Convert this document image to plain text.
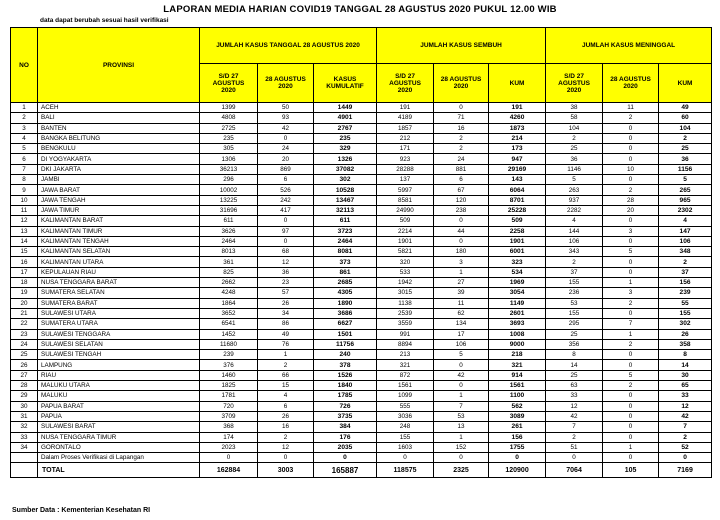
LAPORAN MEDIA HARIAN COVID19 TANGGAL 28 AGUSTUS 2020 PUKUL 12.00 WIB
data dapat berubah sesuai hasil verifikasi
NO	PROVINSI	JUMLAH KASUS TANGGAL 28 AGUSTUS 2020			JUMLAH KASUS SEMBUH			JUMLAH KASUS MENINGGAL		

		S/D 27 AGUSTUS 2020	28 AGUSTUS 2020	KASUS KUMULATIF	S/D 27 AGUSTUS 2020	28 AGUSTUS 2020	KUM	S/D 27 AGUSTUS 2020	28 AGUSTUS 2020	KUM
1	ACEH	1399	50	1449	191	0	191	38	11	49
2	BALI	4808	93	4901	4189	71	4260	58	2	60
3	BANTEN	2725	42	2767	1857	16	1873	104	0	104
4	BANGKA BELITUNG	235	0	235	212	2	214	2	0	2
5	BENGKULU	305	24	329	171	2	173	25	0	25
6	DI YOGYAKARTA	1306	20	1326	923	24	947	36	0	36
7	DKI JAKARTA	36213	869	37082	28288	881	29169	1146	10	1156
8	JAMBI	296	6	302	137	6	143	5	0	5
9	JAWA BARAT	10002	526	10528	5997	67	6064	263	2	265
10	JAWA TENGAH	13225	242	13467	8581	120	8701	937	28	965
11	JAWA TIMUR	31696	417	32113	24990	238	25228	2282	20	2302
12	KALIMANTAN BARAT	611	0	611	509	0	509	4	0	4
13	KALIMANTAN TIMUR	3626	97	3723	2214	44	2258	144	3	147
14	KALIMANTAN TENGAH	2464	0	2464	1901	0	1901	106	0	106
15	KALIMANTAN SELATAN	8013	68	8081	5821	180	6001	343	5	348
16	KALIMANTAN UTARA	361	12	373	320	3	323	2	0	2
17	KEPULAUAN RIAU	825	36	861	533	1	534	37	0	37
18	NUSA TENGGARA BARAT	2662	23	2685	1942	27	1969	155	1	156
19	SUMATERA SELATAN	4248	57	4305	3015	39	3054	236	3	239
20	SUMATERA BARAT	1864	26	1890	1138	11	1149	53	2	55
21	SULAWESI UTARA	3652	34	3686	2539	62	2601	155	0	155
22	SUMATERA UTARA	6541	86	6627	3559	134	3693	295	7	302
23	SULAWESI TENGGARA	1452	49	1501	991	17	1008	25	1	26
24	SULAWESI SELATAN	11680	76	11756	8894	106	9000	356	2	358
25	SULAWESI TENGAH	239	1	240	213	5	218	8	0	8
26	LAMPUNG	376	2	378	321	0	321	14	0	14
27	RIAU	1460	66	1526	872	42	914	25	5	30
28	MALUKU UTARA	1825	15	1840	1561	0	1561	63	2	65
29	MALUKU	1781	4	1785	1099	1	1100	33	0	33
30	PAPUA BARAT	720	6	726	555	7	562	12	0	12
31	PAPUA	3709	26	3735	3036	53	3089	42	0	42
32	SULAWESI BARAT	368	16	384	248	13	261	7	0	7
33	NUSA TENGGARA TIMUR	174	2	176	155	1	156	2	0	2
34	GORONTALO	2023	12	2035	1603	152	1755	51	1	52
	Dalam Proses Verifikasi di Lapangan	0	0	0	0	0	0	0	0	0
	TOTAL	162884	3003	165887	118575	2325	120900	7064	105	7169
Sumber Data : Kementerian Kesehatan RI
